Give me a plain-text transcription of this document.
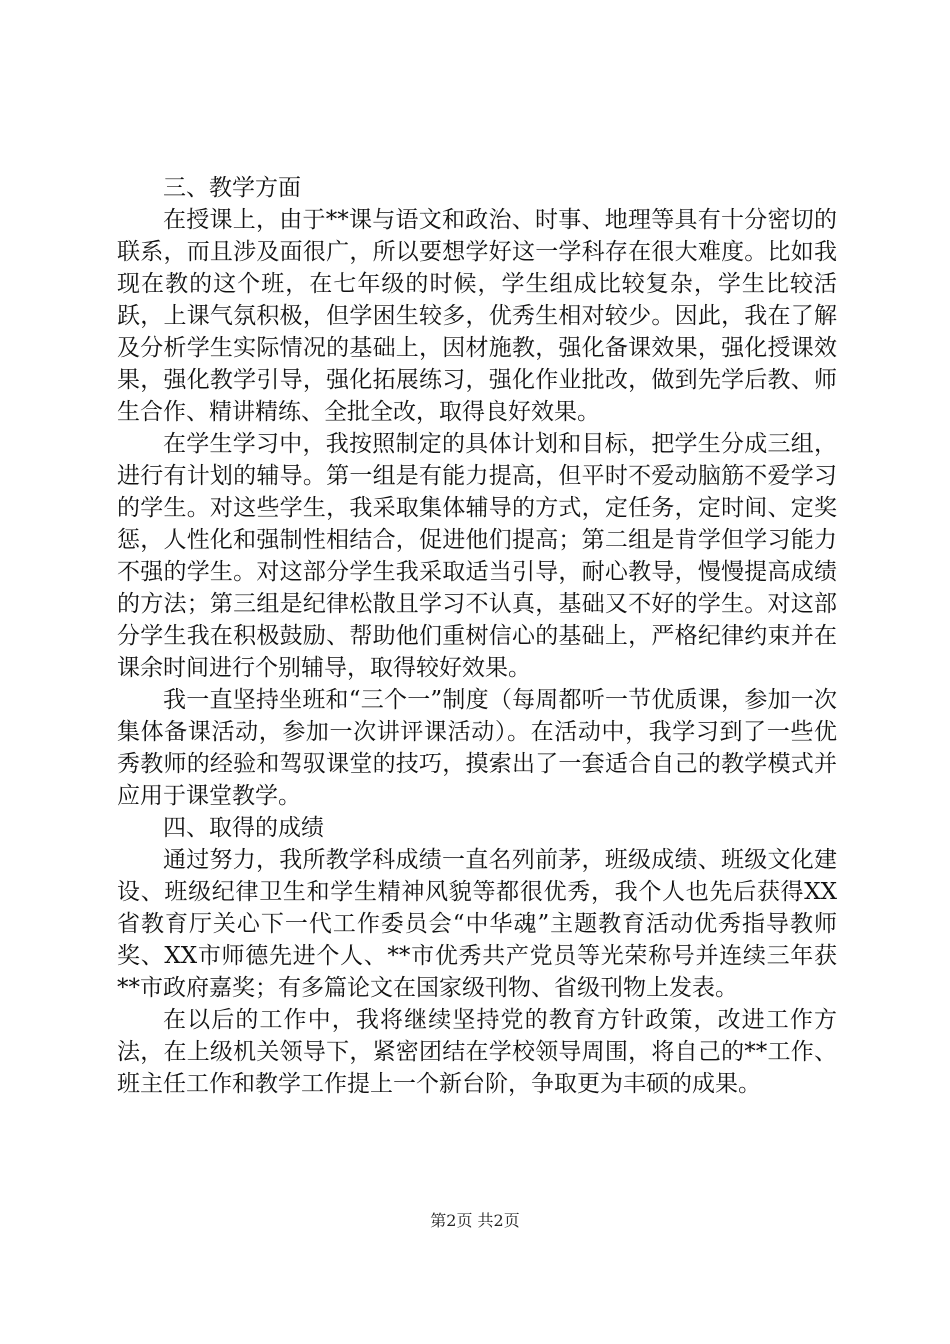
三、教学方面

在授课上，由于**课与语文和政治、时事、地理等具有十分密切的联系，而且涉及面很广，所以要想学好这一学科存在很大难度。比如我现在教的这个班，在七年级的时候，学生组成比较复杂，学生比较活跃，上课气氛积极，但学困生较多，优秀生相对较少。因此，我在了解及分析学生实际情况的基础上，因材施教，强化备课效果，强化授课效果，强化教学引导，强化拓展练习，强化作业批改，做到先学后教、师生合作、精讲精练、全批全改，取得良好效果。

在学生学习中，我按照制定的具体计划和目标，把学生分成三组，进行有计划的辅导。第一组是有能力提高，但平时不爱动脑筋不爱学习的学生。对这些学生，我采取集体辅导的方式，定任务，定时间、定奖惩，人性化和强制性相结合，促进他们提高；第二组是肯学但学习能力不强的学生。对这部分学生我采取适当引导，耐心教导，慢慢提高成绩的方法；第三组是纪律松散且学习不认真，基础又不好的学生。对这部分学生我在积极鼓励、帮助他们重树信心的基础上，严格纪律约束并在课余时间进行个别辅导，取得较好效果。

我一直坚持坐班和“三个一”制度（每周都听一节优质课，参加一次集体备课活动，参加一次讲评课活动）。在活动中，我学习到了一些优秀教师的经验和驾驭课堂的技巧，摸索出了一套适合自己的教学模式并应用于课堂教学。

四、取得的成绩

通过努力，我所教学科成绩一直名列前茅，班级成绩、班级文化建设、班级纪律卫生和学生精神风貌等都很优秀，我个人也先后获得XX省教育厅关心下一代工作委员会“中华魂”主题教育活动优秀指导教师奖、XX市师德先进个人、**市优秀共产党员等光荣称号并连续三年获**市政府嘉奖；有多篇论文在国家级刊物、省级刊物上发表。

在以后的工作中，我将继续坚持党的教育方针政策，改进工作方法，在上级机关领导下，紧密团结在学校领导周围，将自己的**工作、班主任工作和教学工作提上一个新台阶，争取更为丰硕的成果。

第2页 共2页
